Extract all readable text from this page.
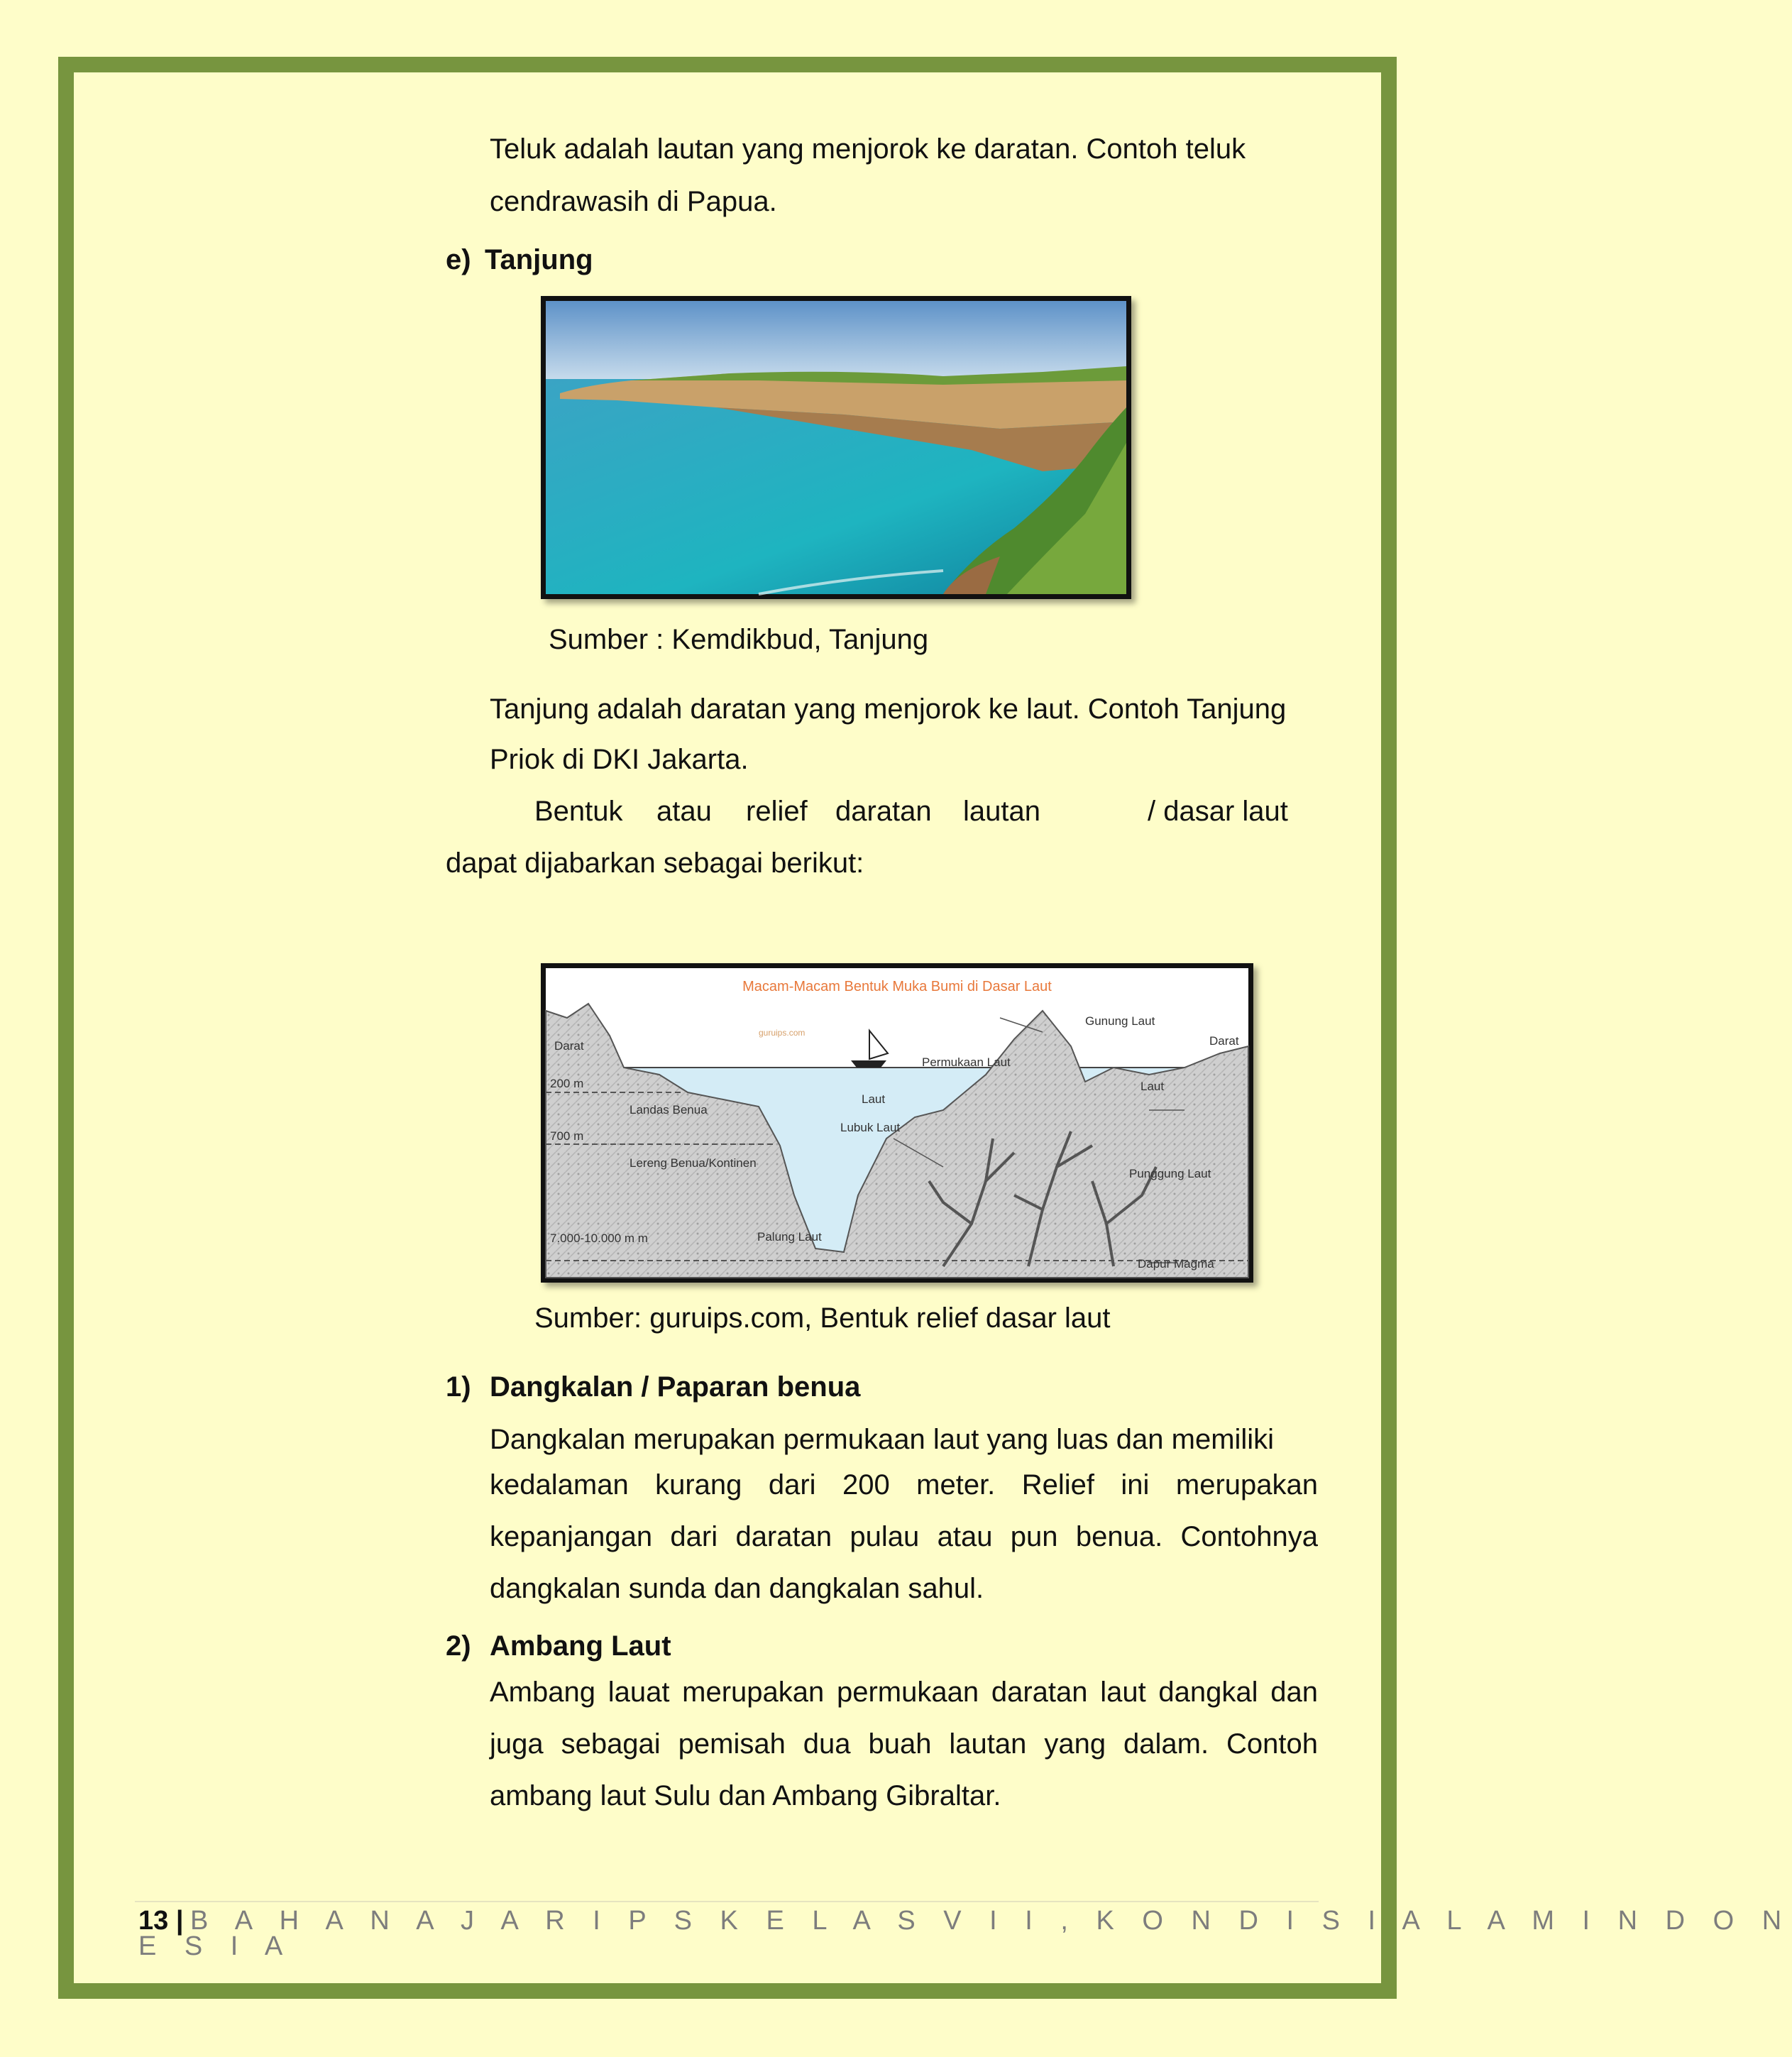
Teluk adalah lautan yang menjorok ke daratan. Contoh teluk
cendrawasih di Papua.
e) Tanjung
Sumber : Kemdikbud, Tanjung
Tanjung adalah daratan yang menjorok ke laut. Contoh Tanjung
Priok di DKI Jakarta.
Bentuk atau relief daratan lautan	/ dasar laut
dapat dijabarkan sebagai berikut:
Macam-Macam Bentuk Muka Bumi di Dasar Laut
guruips.com
Darat	Darat
Gunung Laut
Permukaan Laut
Laut
Laut
200 m
Landas Benua
Lubuk Laut
700 m
Lereng Benua/Kontinen
Punggung Laut
7.000-10.000 m m	Palung Laut
Dapur Magma
Sumber: guruips.com, Bentuk relief dasar laut
1) Dangkalan / Paparan benua
Dangkalan merupakan permukaan laut yang luas dan memiliki
kedalaman kurang dari 200 meter. Relief ini merupakan
kepanjangan dari daratan pulau atau pun benua. Contohnya
dangkalan sunda dan dangkalan sahul.
2) Ambang Laut
Ambang lauat merupakan permukaan daratan laut dangkal dan
juga sebagai pemisah dua buah lautan yang dalam. Contoh
ambang laut Sulu dan Ambang Gibraltar.
13 | B A H A N A J A R I P S K E L A S V I I , K O N D I S I A L A M I N D O N
E S I A
